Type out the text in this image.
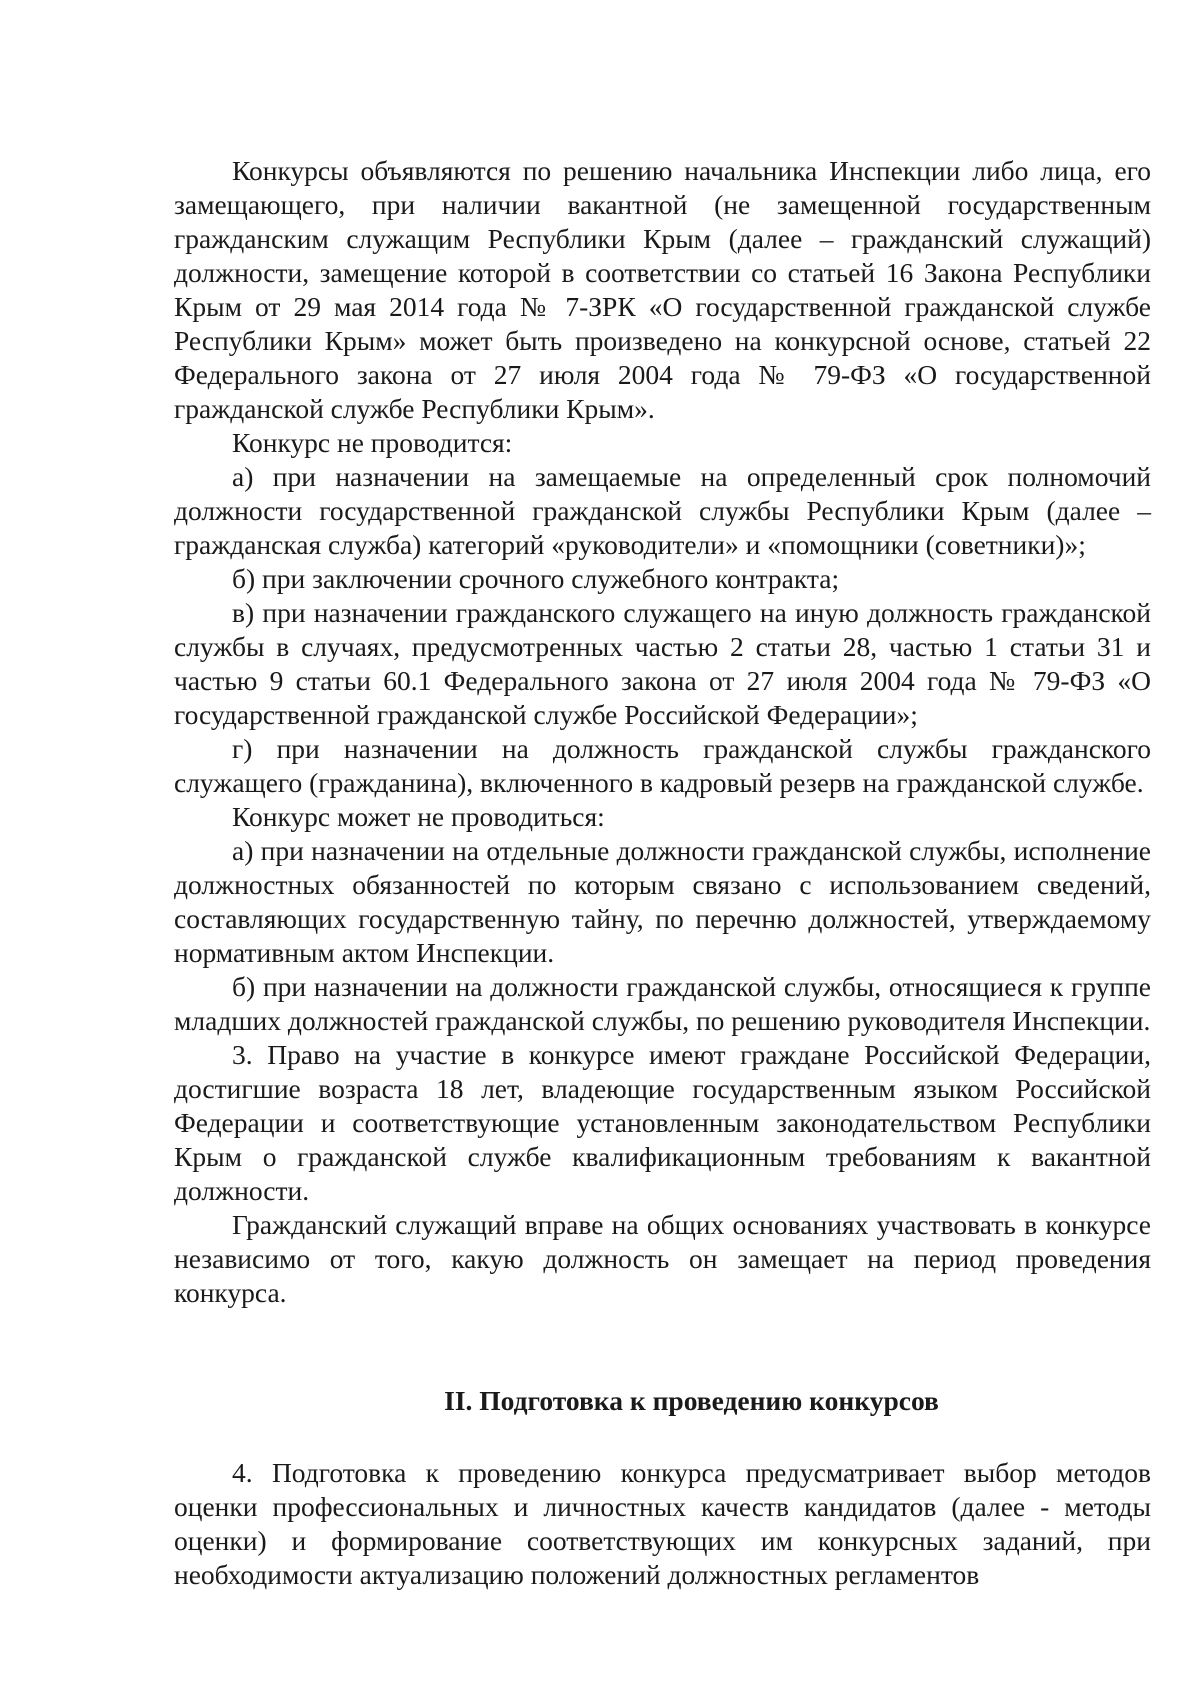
Конкурсы объявляются по решению начальника Инспекции либо лица, его замещающего, при наличии вакантной (не замещенной государственным гражданским служащим Республики Крым (далее – гражданский служащий) должности, замещение которой в соответствии со статьей 16 Закона Республики Крым от 29 мая 2014 года № 7-ЗРК «О государственной гражданской службе Республики Крым» может быть произведено на конкурсной основе, статьей 22 Федерального закона от 27 июля 2004 года № 79-ФЗ «О государственной гражданской службе Республики Крым».

Конкурс не проводится:

а) при назначении на замещаемые на определенный срок полномочий должности государственной гражданской службы Республики Крым (далее – гражданская служба) категорий «руководители» и «помощники (советники)»;

б) при заключении срочного служебного контракта;

в) при назначении гражданского служащего на иную должность гражданской службы в случаях, предусмотренных частью 2 статьи 28, частью 1 статьи 31 и частью 9 статьи 60.1 Федерального закона от 27 июля 2004 года № 79-ФЗ «О государственной гражданской службе Российской Федерации»;

г) при назначении на должность гражданской службы гражданского служащего (гражданина), включенного в кадровый резерв на гражданской службе.

Конкурс может не проводиться:

а) при назначении на отдельные должности гражданской службы, исполнение должностных обязанностей по которым связано с использованием сведений, составляющих государственную тайну, по перечню должностей, утверждаемому нормативным актом Инспекции.

б) при назначении на должности гражданской службы, относящиеся к группе младших должностей гражданской службы, по решению руководителя Инспекции.

3. Право на участие в конкурсе имеют граждане Российской Федерации, достигшие возраста 18 лет, владеющие государственным языком Российской Федерации и соответствующие установленным законодательством Республики Крым о гражданской службе квалификационным требованиям к вакантной должности.

Гражданский служащий вправе на общих основаниях участвовать в конкурсе независимо от того, какую должность он замещает на период проведения конкурса.

II. Подготовка к проведению конкурсов

4. Подготовка к проведению конкурса предусматривает выбор методов оценки профессиональных и личностных качеств кандидатов (далее - методы оценки) и формирование соответствующих им конкурсных заданий, при необходимости актуализацию положений должностных регламентов
